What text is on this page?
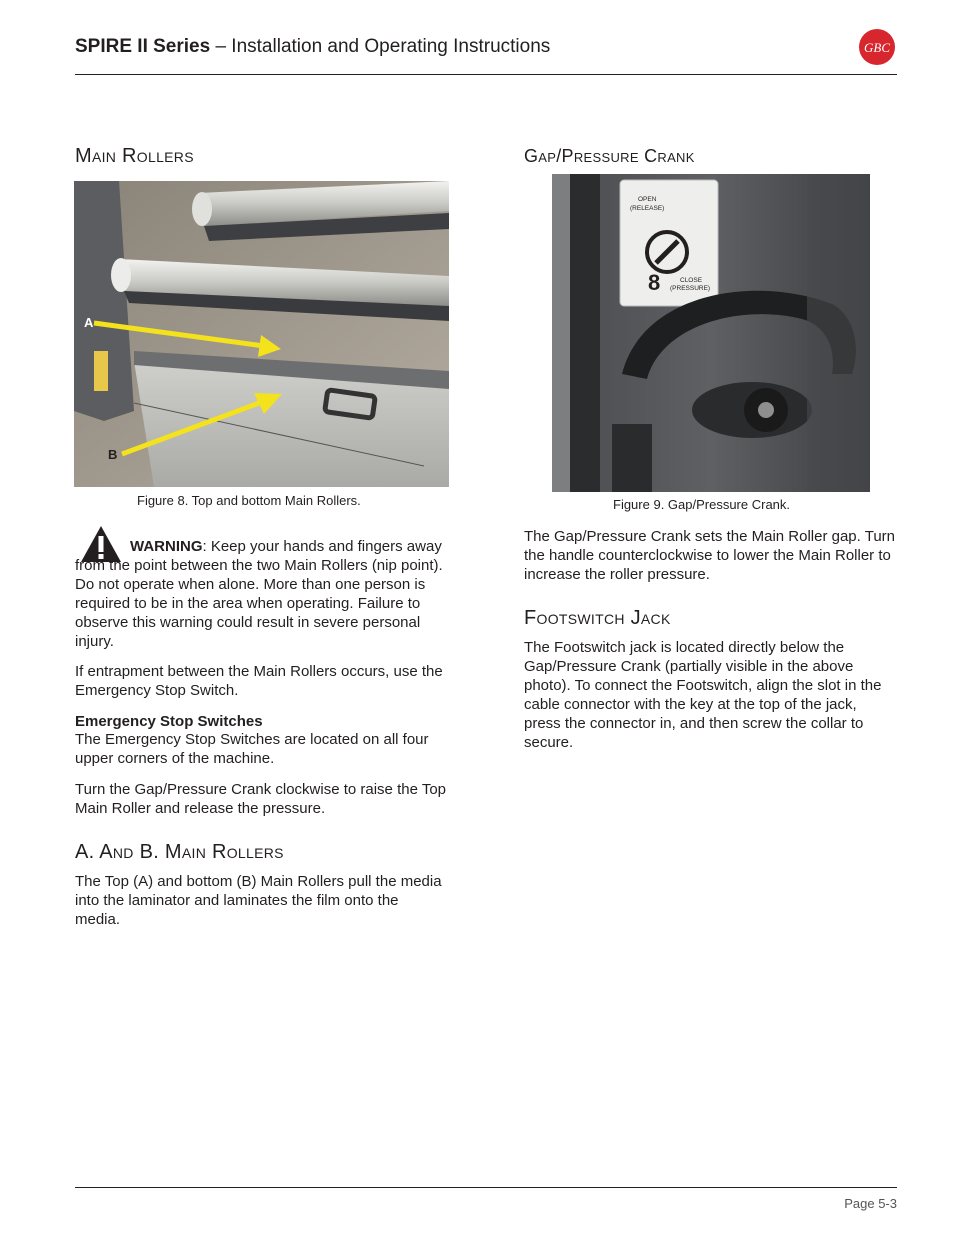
SPIRE II Series – Installation and Operating Instructions	GBC
Main Rollers
A
B
Figure 8. Top and bottom Main Rollers.

WARNING: Keep your hands and fingers away from the point between the two Main Rollers (nip point). Do not operate when alone. More than one person is required to be in the area when operating. Failure to observe this warning could result in severe personal injury.

If entrapment between the Main Rollers occurs, use the Emergency Stop Switch.

Emergency Stop Switches

The Emergency Stop Switches are located on all four upper corners of the machine.

Turn the Gap/Pressure Crank clockwise to raise the Top Main Roller and release the pressure.

A. And B. Main Rollers

The Top (A) and bottom (B) Main Rollers pull the media into the laminator and laminates the film onto the media.

Gap/Pressure Crank
OPEN
(RELEASE)
8	CLOSE
(PRESSURE)
Figure 9. Gap/Pressure Crank.

The Gap/Pressure Crank sets the Main Roller gap. Turn the handle counterclockwise to lower the Main Roller to increase the roller pressure.

Footswitch Jack

The Footswitch jack is located directly below the Gap/Pressure Crank (partially visible in the above photo). To connect the Footswitch, align the slot in the cable connector with the key at the top of the jack, press the connector in, and then screw the collar to secure.

Page 5-3
